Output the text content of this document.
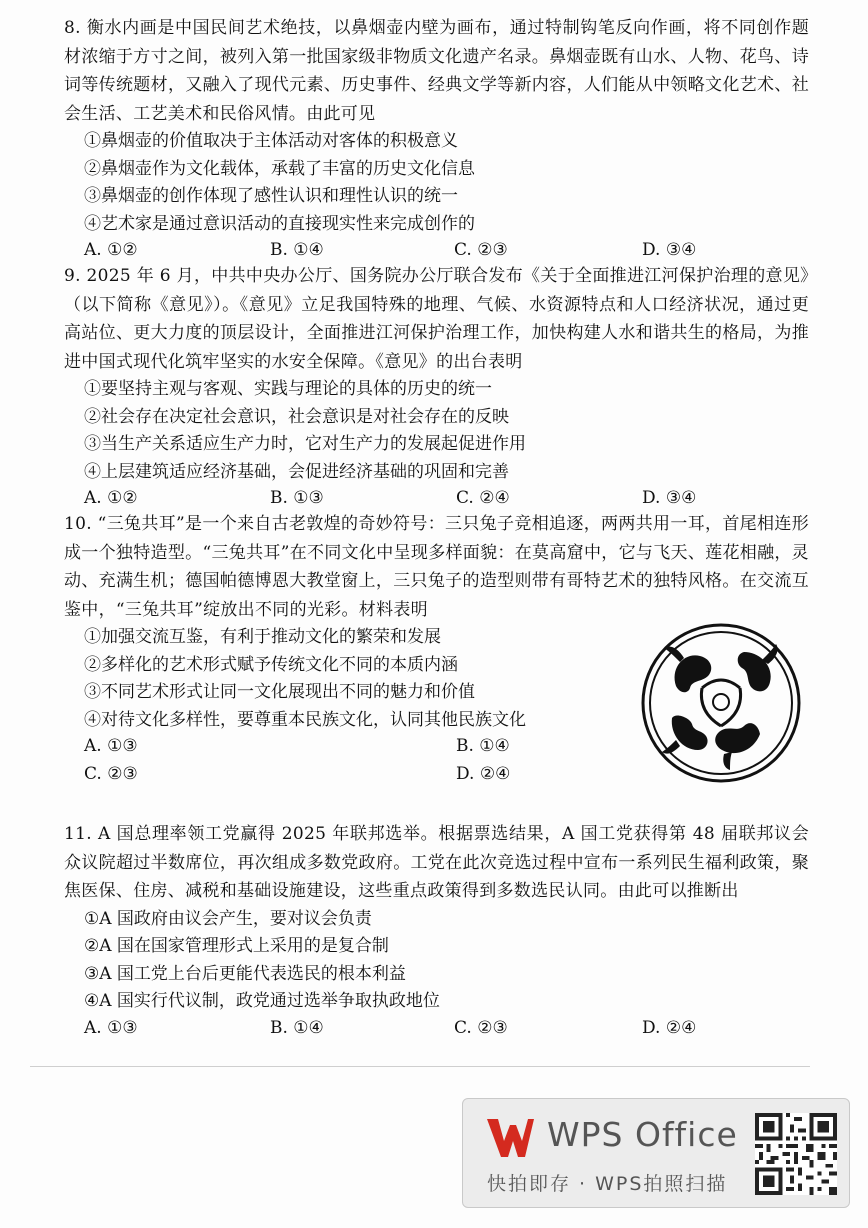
8. 衡水内画是中国民间艺术绝技，以鼻烟壶内壁为画布，通过特制钩笔反向作画，将不同创作题材浓缩于方寸之间，被列入第一批国家级非物质文化遗产名录。鼻烟壶既有山水、人物、花鸟、诗词等传统题材，又融入了现代元素、历史事件、经典文学等新内容，人们能从中领略文化艺术、社会生活、工艺美术和民俗风情。由此可见
①鼻烟壶的价值取决于主体活动对客体的积极意义
②鼻烟壶作为文化载体，承载了丰富的历史文化信息
③鼻烟壶的创作体现了感性认识和理性认识的统一
④艺术家是通过意识活动的直接现实性来完成创作的
A. ①②	B. ①④	C. ②③	D. ③④
9. 2025 年 6 月，中共中央办公厅、国务院办公厅联合发布《关于全面推进江河保护治理的意见》（以下简称《意见》）。《意见》立足我国特殊的地理、气候、水资源特点和人口经济状况，通过更高站位、更大力度的顶层设计，全面推进江河保护治理工作，加快构建人水和谐共生的格局，为推进中国式现代化筑牢坚实的水安全保障。《意见》的出台表明
①要坚持主观与客观、实践与理论的具体的历史的统一
②社会存在决定社会意识，社会意识是对社会存在的反映
③当生产关系适应生产力时，它对生产力的发展起促进作用
④上层建筑适应经济基础，会促进经济基础的巩固和完善
A. ①②	B. ①③	C. ②④	D. ③④
10. “三兔共耳”是一个来自古老敦煌的奇妙符号：三只兔子竞相追逐，两两共用一耳，首尾相连形成一个独特造型。“三兔共耳”在不同文化中呈现多样面貌：在莫高窟中，它与飞天、莲花相融，灵动、充满生机；德国帕德博恩大教堂窗上，三只兔子的造型则带有哥特艺术的独特风格。在交流互鉴中，“三兔共耳”绽放出不同的光彩。材料表明
①加强交流互鉴，有利于推动文化的繁荣和发展
②多样化的艺术形式赋予传统文化不同的本质内涵
③不同艺术形式让同一文化展现出不同的魅力和价值
④对待文化多样性，要尊重本民族文化，认同其他民族文化
A. ①③	B. ①④
C. ②③	D. ②④
11. A 国总理率领工党赢得 2025 年联邦选举。根据票选结果，A 国工党获得第 48 届联邦议会众议院超过半数席位，再次组成多数党政府。工党在此次竞选过程中宣布一系列民生福利政策，聚焦医保、住房、减税和基础设施建设，这些重点政策得到多数选民认同。由此可以推断出
①A 国政府由议会产生，要对议会负责
②A 国在国家管理形式上采用的是复合制
③A 国工党上台后更能代表选民的根本利益
④A 国实行代议制，政党通过选举争取执政地位
A. ①③	B. ①④	C. ②③	D. ②④
WPS Office
快拍即存 · WPS拍照扫描
